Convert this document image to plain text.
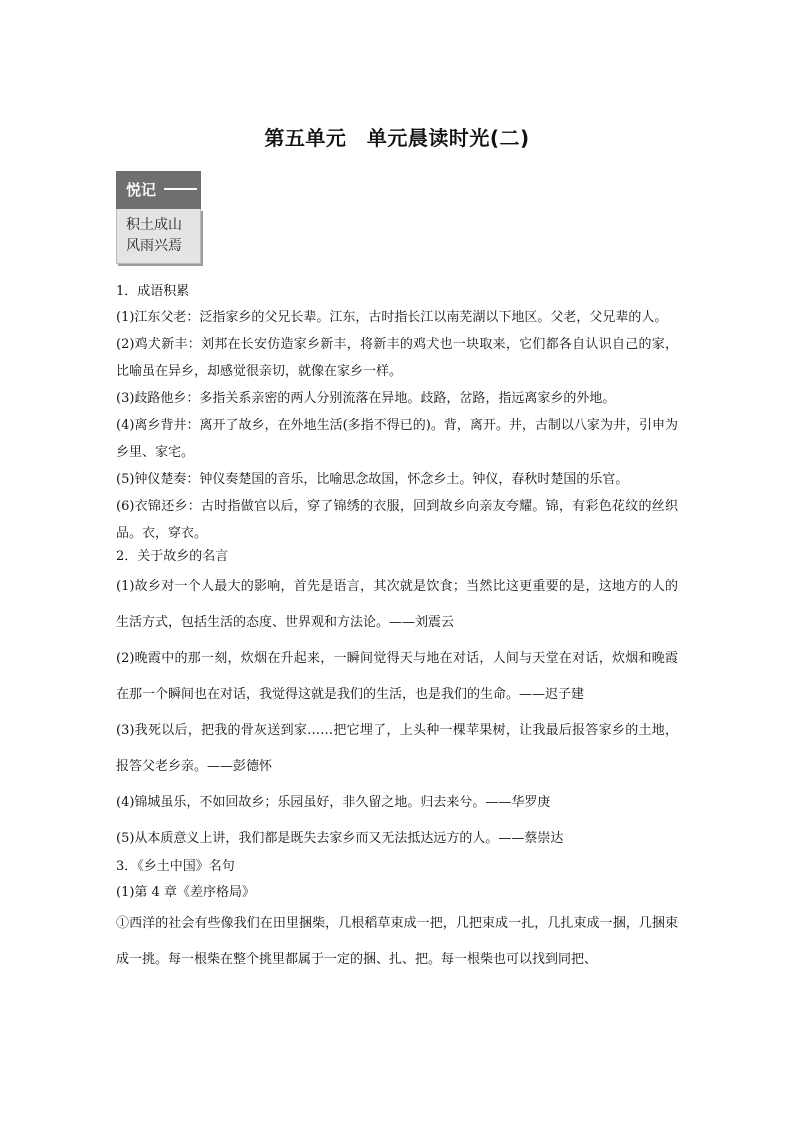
第五单元　单元晨读时光(二)
悦记
积土成山
风雨兴焉
1．成语积累

(1)江东父老：泛指家乡的父兄长辈。江东，古时指长江以南芜湖以下地区。父老，父兄辈的人。

(2)鸡犬新丰：刘邦在长安仿造家乡新丰，将新丰的鸡犬也一块取来，它们都各自认识自己的家，比喻虽在异乡，却感觉很亲切，就像在家乡一样。

(3)歧路他乡：多指关系亲密的两人分别流落在异地。歧路，岔路，指远离家乡的外地。

(4)离乡背井：离开了故乡，在外地生活(多指不得已的)。背，离开。井，古制以八家为井，引申为乡里、家宅。

(5)钟仪楚奏：钟仪奏楚国的音乐，比喻思念故国，怀念乡土。钟仪，春秋时楚国的乐官。

(6)衣锦还乡：古时指做官以后，穿了锦绣的衣服，回到故乡向亲友夸耀。锦，有彩色花纹的丝织品。衣，穿衣。

2．关于故乡的名言

(1)故乡对一个人最大的影响，首先是语言，其次就是饮食；当然比这更重要的是，这地方的人的生活方式，包括生活的态度、世界观和方法论。——刘震云

(2)晚霞中的那一刻，炊烟在升起来，一瞬间觉得天与地在对话，人间与天堂在对话，炊烟和晚霞在那一个瞬间也在对话，我觉得这就是我们的生活，也是我们的生命。——迟子建

(3)我死以后，把我的骨灰送到家……把它埋了，上头种一棵苹果树，让我最后报答家乡的土地，报答父老乡亲。——彭德怀

(4)锦城虽乐，不如回故乡；乐园虽好，非久留之地。归去来兮。——华罗庚

(5)从本质意义上讲，我们都是既失去家乡而又无法抵达远方的人。——蔡崇达

3．《乡土中国》名句
(1)第 4 章《差序格局》

①西洋的社会有些像我们在田里捆柴，几根稻草束成一把，几把束成一扎，几扎束成一捆，几捆束成一挑。每一根柴在整个挑里都属于一定的捆、扎、把。每一根柴也可以找到同把、
